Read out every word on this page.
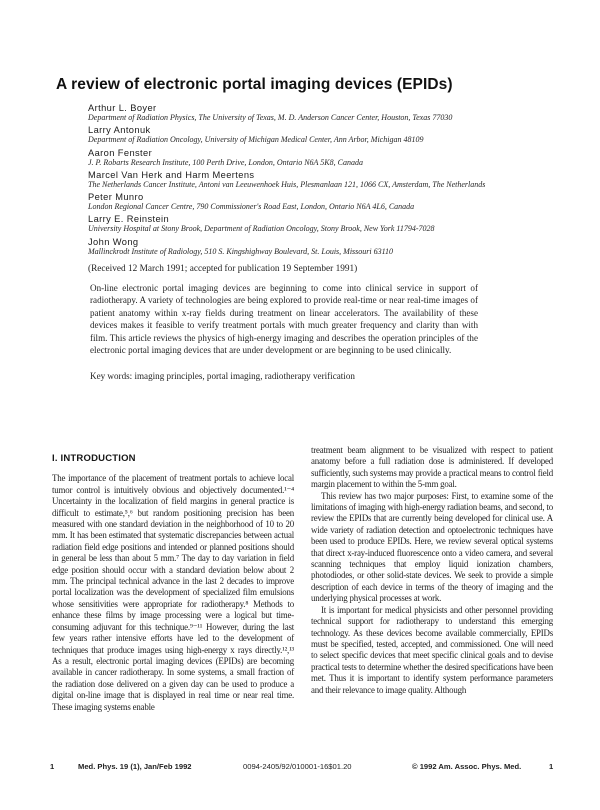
A review of electronic portal imaging devices (EPIDs)
Arthur L. Boyer
Department of Radiation Physics, The University of Texas, M. D. Anderson Cancer Center, Houston, Texas 77030
Larry Antonuk
Department of Radiation Oncology, University of Michigan Medical Center, Ann Arbor, Michigan 48109
Aaron Fenster
J. P. Robarts Research Institute, 100 Perth Drive, London, Ontario N6A 5K8, Canada
Marcel Van Herk and Harm Meertens
The Netherlands Cancer Institute, Antoni van Leeuwenhoek Huis, Plesmanlaan 121, 1066 CX, Amsterdam, The Netherlands
Peter Munro
London Regional Cancer Centre, 790 Commissioner's Road East, London, Ontario N6A 4L6, Canada
Larry E. Reinstein
University Hospital at Stony Brook, Department of Radiation Oncology, Stony Brook, New York 11794-7028
John Wong
Mallinckrodt Institute of Radiology, 510 S. Kingshighway Boulevard, St. Louis, Missouri 63110

(Received 12 March 1991; accepted for publication 19 September 1991)

On-line electronic portal imaging devices are beginning to come into clinical service in support of radiotherapy. A variety of technologies are being explored to provide real-time or near real-time images of patient anatomy within x-ray fields during treatment on linear accelerators. The availability of these devices makes it feasible to verify treatment portals with much greater frequency and clarity than with film. This article reviews the physics of high-energy imaging and describes the operation principles of the electronic portal imaging devices that are under development or are beginning to be used clinically.

Key words: imaging principles, portal imaging, radiotherapy verification

I. INTRODUCTION

The importance of the placement of treatment portals to achieve local tumor control is intuitively obvious and objectively documented.¹⁻⁴ Uncertainty in the localization of field margins in general practice is difficult to estimate,⁵,⁶ but random positioning precision has been measured with one standard deviation in the neighborhood of 10 to 20 mm. It has been estimated that systematic discrepancies between actual radiation field edge positions and intended or planned positions should in general be less than about 5 mm.⁷ The day to day variation in field edge position should occur with a standard deviation below about 2 mm. The principal technical advance in the last 2 decades to improve portal localization was the development of specialized film emulsions whose sensitivities were appropriate for radiotherapy.⁸ Methods to enhance these films by image processing were a logical but time-consuming adjuvant for this technique.⁹⁻¹¹ However, during the last few years rather intensive efforts have led to the development of techniques that produce images using high-energy x rays directly.¹²,¹³ As a result, electronic portal imaging devices (EPIDs) are becoming available in cancer radiotherapy. In some systems, a small fraction of the radiation dose delivered on a given day can be used to produce a digital on-line image that is displayed in real time or near real time. These imaging systems enable

treatment beam alignment to be visualized with respect to patient anatomy before a full radiation dose is administered. If developed sufficiently, such systems may provide a practical means to control field margin placement to within the 5-mm goal.

This review has two major purposes: First, to examine some of the limitations of imaging with high-energy radiation beams, and second, to review the EPIDs that are currently being developed for clinical use. A wide variety of radiation detection and optoelectronic techniques have been used to produce EPIDs. Here, we review several optical systems that direct x-ray-induced fluorescence onto a video camera, and several scanning techniques that employ liquid ionization chambers, photodiodes, or other solid-state devices. We seek to provide a simple description of each device in terms of the theory of imaging and the underlying physical processes at work.

It is important for medical physicists and other personnel providing technical support for radiotherapy to understand this emerging technology. As these devices become available commercially, EPIDs must be specified, tested, accepted, and commissioned. One will need to select specific devices that meet specific clinical goals and to devise practical tests to determine whether the desired specifications have been met. Thus it is important to identify system performance parameters and their relevance to image quality. Although

1	Med. Phys. 19 (1), Jan/Feb 1992	0094-2405/92/010001-16$01.20	© 1992 Am. Assoc. Phys. Med.	1
